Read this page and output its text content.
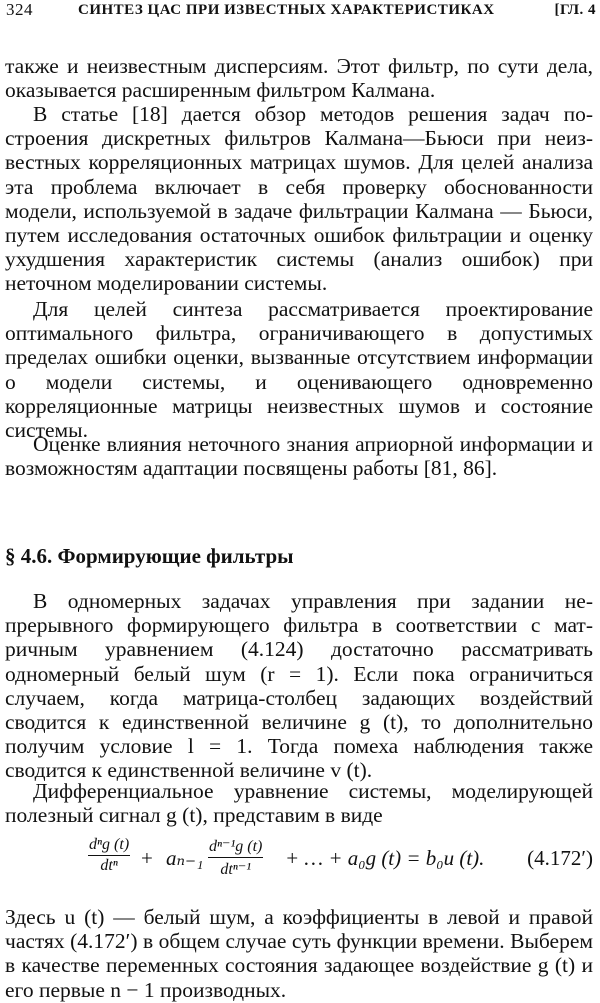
324	СИНТЕЗ ЦАС ПРИ ИЗВЕСТНЫХ ХАРАКТЕРИСТИКАХ	[ГЛ. 4

также и неизвестным дисперсиям. Этот фильтр, по сути дела, оказывается расширенным фильтром Калмана.

В статье [18] дается обзор методов решения задач построения дискретных фильтров Калмана—Бьюси при неизвестных корреляционных матрицах шумов. Для целей анализа эта проблема включает в себя проверку обоснованности модели, используемой в задаче фильтрации Калмана — Бьюси, путем исследования остаточных ошибок фильтрации и оценку ухудшения характеристик системы (анализ ошибок) при неточном моделировании системы.

Для целей синтеза рассматривается проектирование оптимального фильтра, ограничивающего в допустимых пределах ошибки оценки, вызванные отсутствием информации о модели системы, и оценивающего одновременно корреляционные матрицы неизвестных шумов и состояние системы.

Оценке влияния неточного знания априорной информации и возможностям адаптации посвящены работы [81, 86].

§ 4.6. Формирующие фильтры

В одномерных задачах управления при задании непрерывного формирующего фильтра в соответствии с матричным уравнением (4.124) достаточно рассматривать одномерный белый шум (r = 1). Если пока ограничиться случаем, когда матрица-столбец задающих воздействий сводится к единственной величине g (t), то дополнительно получим условие l = 1. Тогда помеха наблюдения также сводится к единственной величине v (t).

Дифференциальное уравнение системы, моделирующей полезный сигнал g (t), представим в виде

dⁿg (t)
dtⁿ	+ aₙ₋₁ dⁿ⁻¹g (t)
dtⁿ⁻¹	+ … + a₀g (t) = b₀u (t). (4.172′)

Здесь u (t) — белый шум, а коэффициенты в левой и правой частях (4.172′) в общем случае суть функции времени. Выберем в качестве переменных состояния задающее воздействие g (t) и его первые n − 1 производных.
